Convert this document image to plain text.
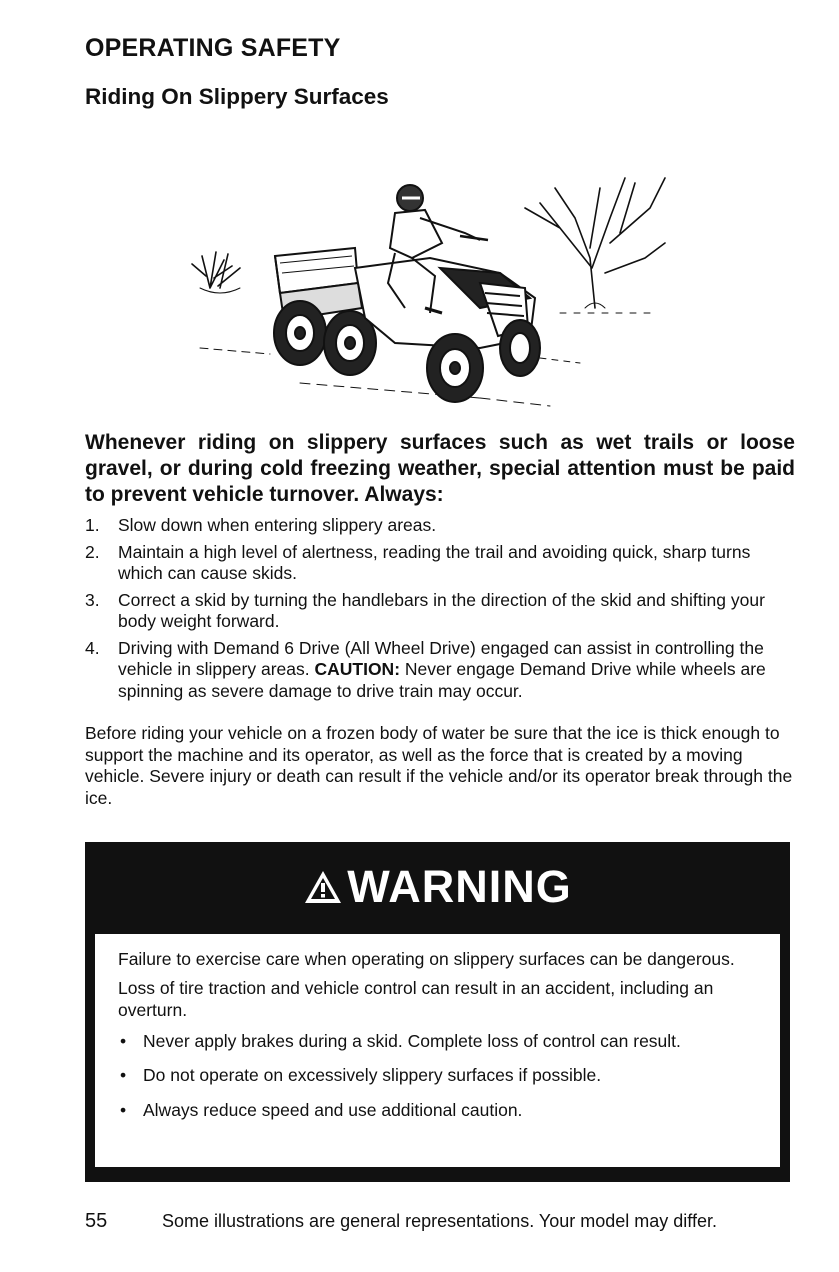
OPERATING SAFETY
Riding On Slippery Surfaces

Whenever riding on slippery surfaces such as wet trails or loose gravel, or during cold freezing weather, special attention must be paid to prevent vehicle turnover. Always:

1. Slow down when entering slippery areas.
2. Maintain a high level of alertness, reading the trail and avoiding quick, sharp turns which can cause skids.
3. Correct a skid by turning the handlebars in the direction of the skid and shifting your body weight forward.
4. Driving with Demand 6 Drive (All Wheel Drive) engaged can assist in controlling the vehicle in slippery areas. CAUTION: Never engage Demand Drive while wheels are spinning as severe damage to drive train may occur.

Before riding your vehicle on a frozen body of water be sure that the ice is thick enough to support the machine and its operator, as well as the force that is created by a moving vehicle. Severe injury or death can result if the vehicle and/or its operator break through the ice.

WARNING

Failure to exercise care when operating on slippery surfaces can be dangerous.

Loss of tire traction and vehicle control can result in an accident, including an overturn.

• Never apply brakes during a skid. Complete loss of control can result.
• Do not operate on excessively slippery surfaces if possible.
• Always reduce speed and use additional caution.
55	Some illustrations are general representations. Your model may differ.
